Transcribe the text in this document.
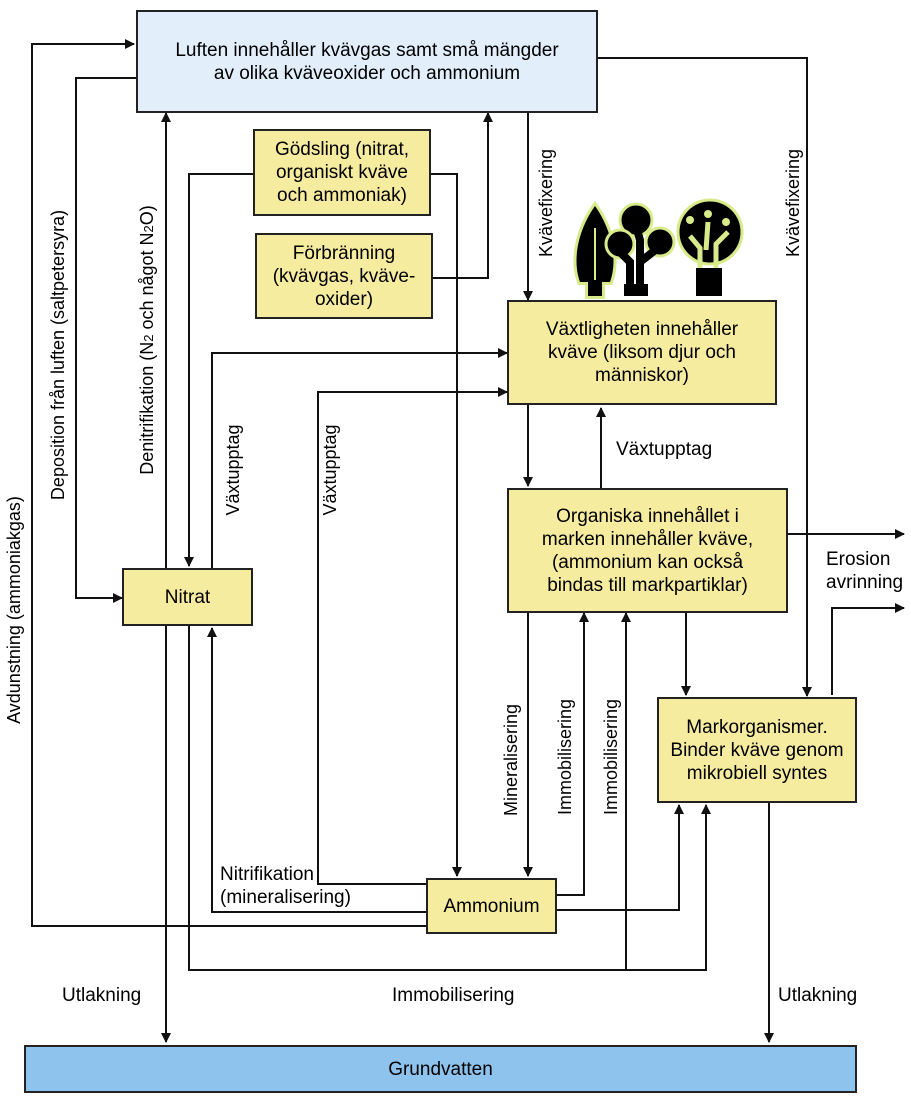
Luften innehåller kvävgas samt små mängder
av olika kväveoxider och ammonium
Gödsling (nitrat,
organiskt kväve
och ammoniak)
Förbränning
(kvävgas, kväve-
oxider)
Växtligheten innehåller
kväve (liksom djur och
människor)
Organiska innehållet i
marken innehåller kväve,
(ammonium kan också
bindas till markpartiklar)
Nitrat
Markorganismer.
Binder kväve genom
mikrobiell syntes
Ammonium
Grundvatten
Avdunstning (ammoniakgas)
Deposition från luften (saltpetersyra)	Denitrifikation (N2 och något N2O)
Växtupptag	Växtupptag
Kvävefixering	Kvävefixering
Mineralisering Immobilisering Immobilisering
Växtupptag
Nitrifikation
(mineralisering)
Erosion
avrinning
Utlakning	Immobilisering	Utlakning
